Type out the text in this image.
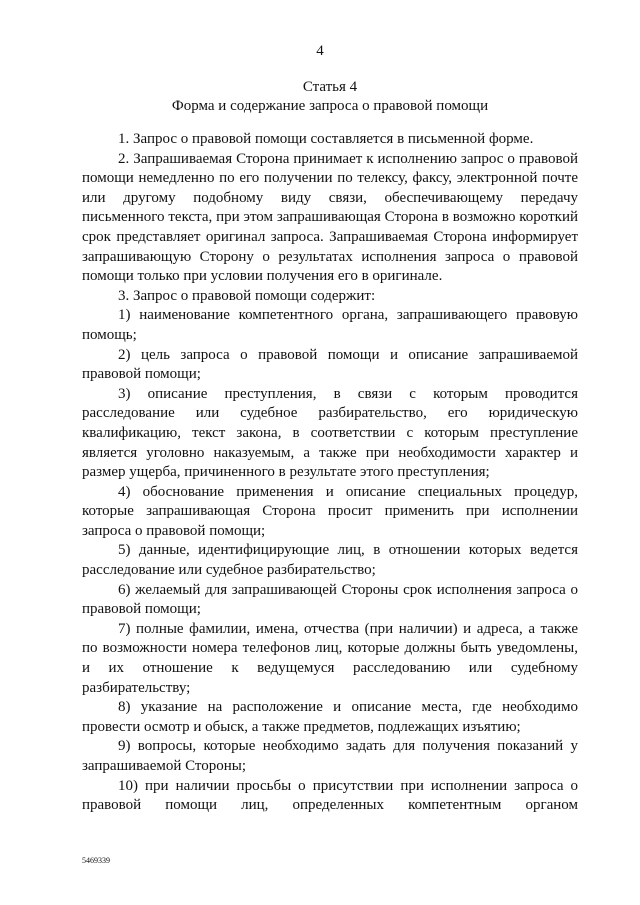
4
Статья 4
Форма и содержание запроса о правовой помощи

1. Запрос о правовой помощи составляется в письменной форме.

2. Запрашиваемая Сторона принимает к исполнению запрос о правовой помощи немедленно по его получении по телексу, факсу, электронной почте или другому подобному виду связи, обеспечивающему передачу письменного текста, при этом запрашивающая Сторона в возможно короткий срок представляет оригинал запроса. Запрашиваемая Сторона информирует запрашивающую Сторону о результатах исполнения запроса о правовой помощи только при условии получения его в оригинале.

3. Запрос о правовой помощи содержит:

1) наименование компетентного органа, запрашивающего правовую помощь;

2) цель запроса о правовой помощи и описание запрашиваемой правовой помощи;

3) описание преступления, в связи с которым проводится расследование или судебное разбирательство, его юридическую квалификацию, текст закона, в соответствии с которым преступление является уголовно наказуемым, а также при необходимости характер и размер ущерба, причиненного в результате этого преступления;

4) обоснование применения и описание специальных процедур, которые запрашивающая Сторона просит применить при исполнении запроса о правовой помощи;

5) данные, идентифицирующие лиц, в отношении которых ведется расследование или судебное разбирательство;

6) желаемый для запрашивающей Стороны срок исполнения запроса о правовой помощи;

7) полные фамилии, имена, отчества (при наличии) и адреса, а также по возможности номера телефонов лиц, которые должны быть уведомлены, и их отношение к ведущемуся расследованию или судебному разбирательству;

8) указание на расположение и описание места, где необходимо провести осмотр и обыск, а также предметов, подлежащих изъятию;

9) вопросы, которые необходимо задать для получения показаний у запрашиваемой Стороны;

10) при наличии просьбы о присутствии при исполнении запроса о правовой помощи лиц, определенных компетентным органом

5469339
